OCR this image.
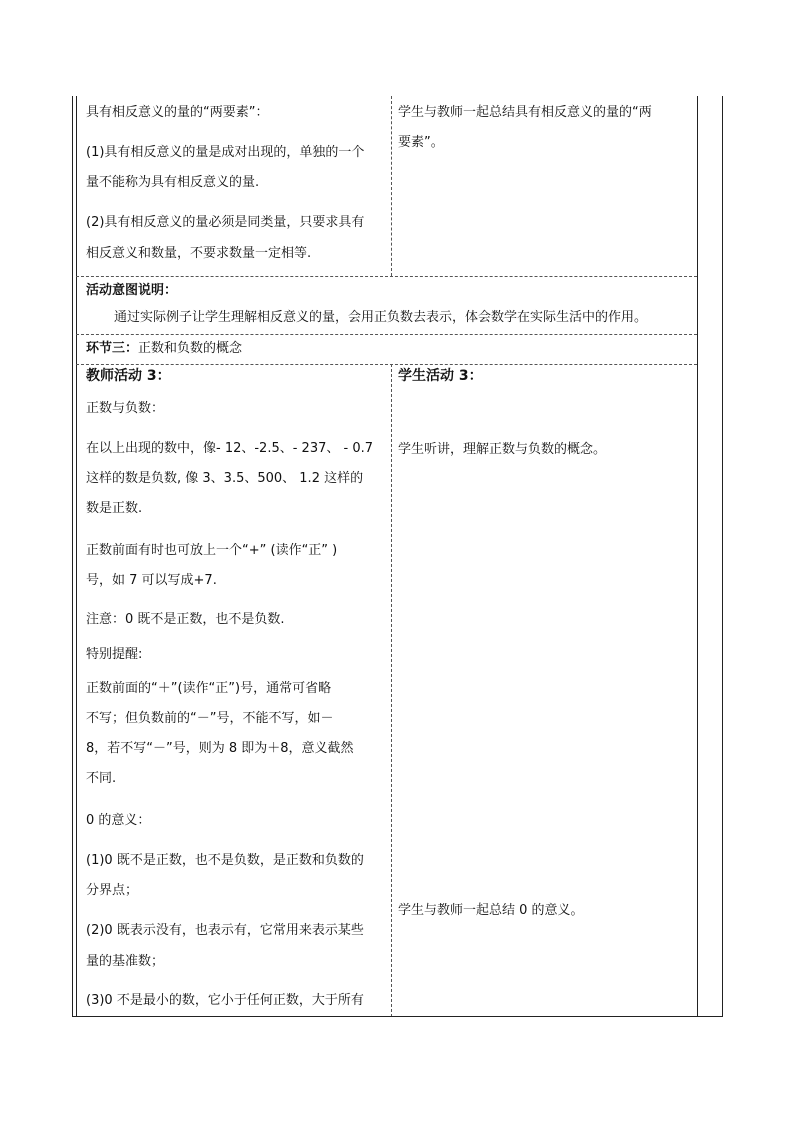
具有相反意义的量的“两要素”：
(1)具有相反意义的量是成对出现的，单独的一个
量不能称为具有相反意义的量.
(2)具有相反意义的量必须是同类量，只要求具有
相反意义和数量，不要求数量一定相等.
学生与教师一起总结具有相反意义的量的“两
要素”。
活动意图说明：
通过实际例子让学生理解相反意义的量，会用正负数去表示，体会数学在实际生活中的作用。
环节三：正数和负数的概念
教师活动 3：
正数与负数：
在以上出现的数中，像- 12、-2.5、- 237、 - 0.7
这样的数是负数, 像 3、3.5、500、 1.2 这样的
数是正数.
正数前面有时也可放上一个“+” (读作“正” )
号，如 7 可以写成+7.
注意：0 既不是正数，也不是负数.
特别提醒:
正数前面的“＋”(读作“正”)号，通常可省略
不写；但负数前的“－”号，不能不写，如－
8，若不写“－”号，则为 8 即为＋8，意义截然
不同.
0 的意义：
(1)0 既不是正数，也不是负数，是正数和负数的
分界点；
(2)0 既表示没有，也表示有，它常用来表示某些
量的基准数；
(3)0 不是最小的数，它小于任何正数，大于所有
学生活动 3：
学生听讲，理解正数与负数的概念。
学生与教师一起总结 0 的意义。
